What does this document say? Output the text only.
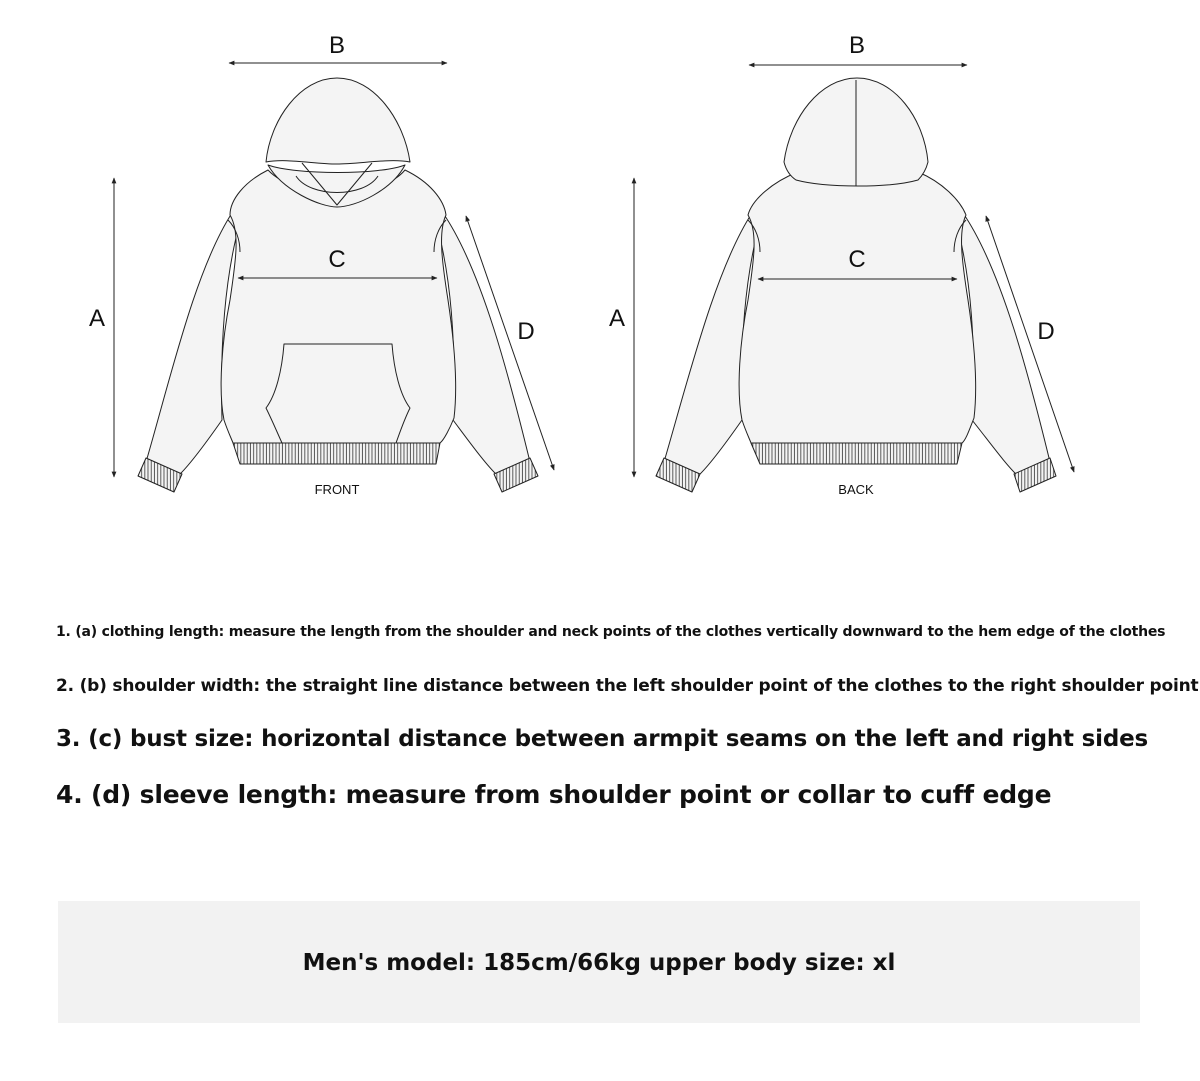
B
A
C
D
FRONT
B
A
C
D
BACK
1. (a) clothing length: measure the length from the shoulder and neck points of the clothes vertically downward to the hem edge of the clothes
2. (b) shoulder width: the straight line distance between the left shoulder point of the clothes to the right shoulder point
3. (c) bust size: horizontal distance between armpit seams on the left and right sides
4. (d) sleeve length: measure from shoulder point or collar to cuff edge
Men's model: 185cm/66kg upper body size: xl
